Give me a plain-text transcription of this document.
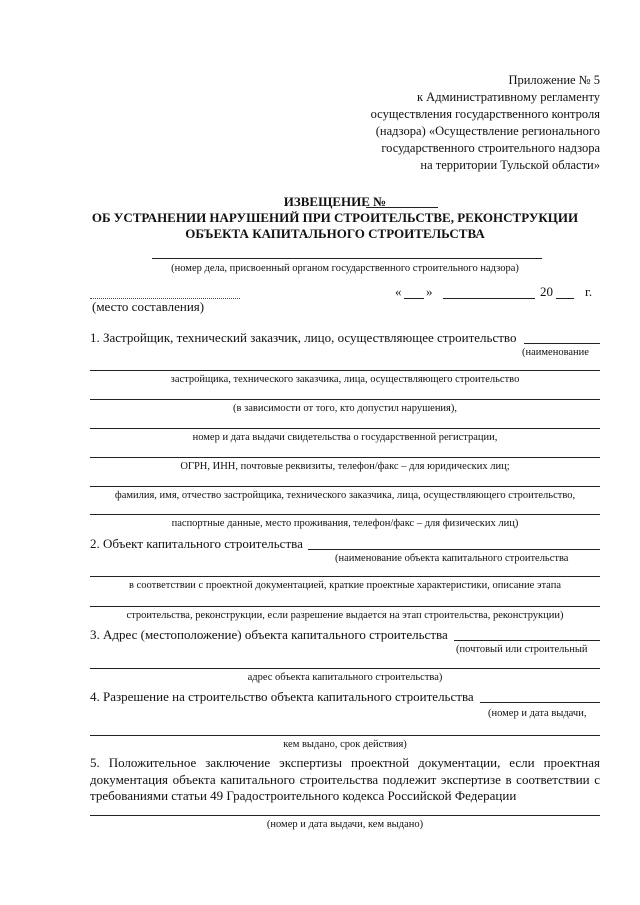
Приложение № 5
к Административному регламенту
осуществления государственного контроля
(надзора) «Осуществление регионального
государственного строительного надзора
на территории Тульской области»
ИЗВЕЩЕНИЕ №
ОБ УСТРАНЕНИИ НАРУШЕНИЙ ПРИ СТРОИТЕЛЬСТВЕ, РЕКОНСТРУКЦИИ
ОБЪЕКТА КАПИТАЛЬНОГО СТРОИТЕЛЬСТВА
(номер дела, присвоенный органом государственного строительного надзора)
(место составления)
« »	20 г.
1. Застройщик, технический заказчик, лицо, осуществляющее строительство
(наименование
застройщика, технического заказчика, лица, осуществляющего строительство
(в зависимости от того, кто допустил нарушения),
номер и дата выдачи свидетельства о государственной регистрации,
ОГРН, ИНН, почтовые реквизиты, телефон/факс – для юридических лиц;
фамилия, имя, отчество застройщика, технического заказчика, лица, осуществляющего строительство,
паспортные данные, место проживания, телефон/факс – для физических лиц)
2. Объект капитального строительства
(наименование объекта капитального строительства
в соответствии с проектной документацией, краткие проектные характеристики, описание этапа
строительства, реконструкции, если разрешение выдается на этап строительства, реконструкции)
3. Адрес (местоположение) объекта капитального строительства
(почтовый или строительный
адрес объекта капитального строительства)
4. Разрешение на строительство объекта капитального строительства
(номер и дата выдачи,
кем выдано, срок действия)
5. Положительное заключение экспертизы проектной документации, если проектная документация объекта капитального строительства подлежит экспертизе в соответствии с требованиями статьи 49 Градостроительного кодекса Российской Федерации
(номер и дата выдачи, кем выдано)
